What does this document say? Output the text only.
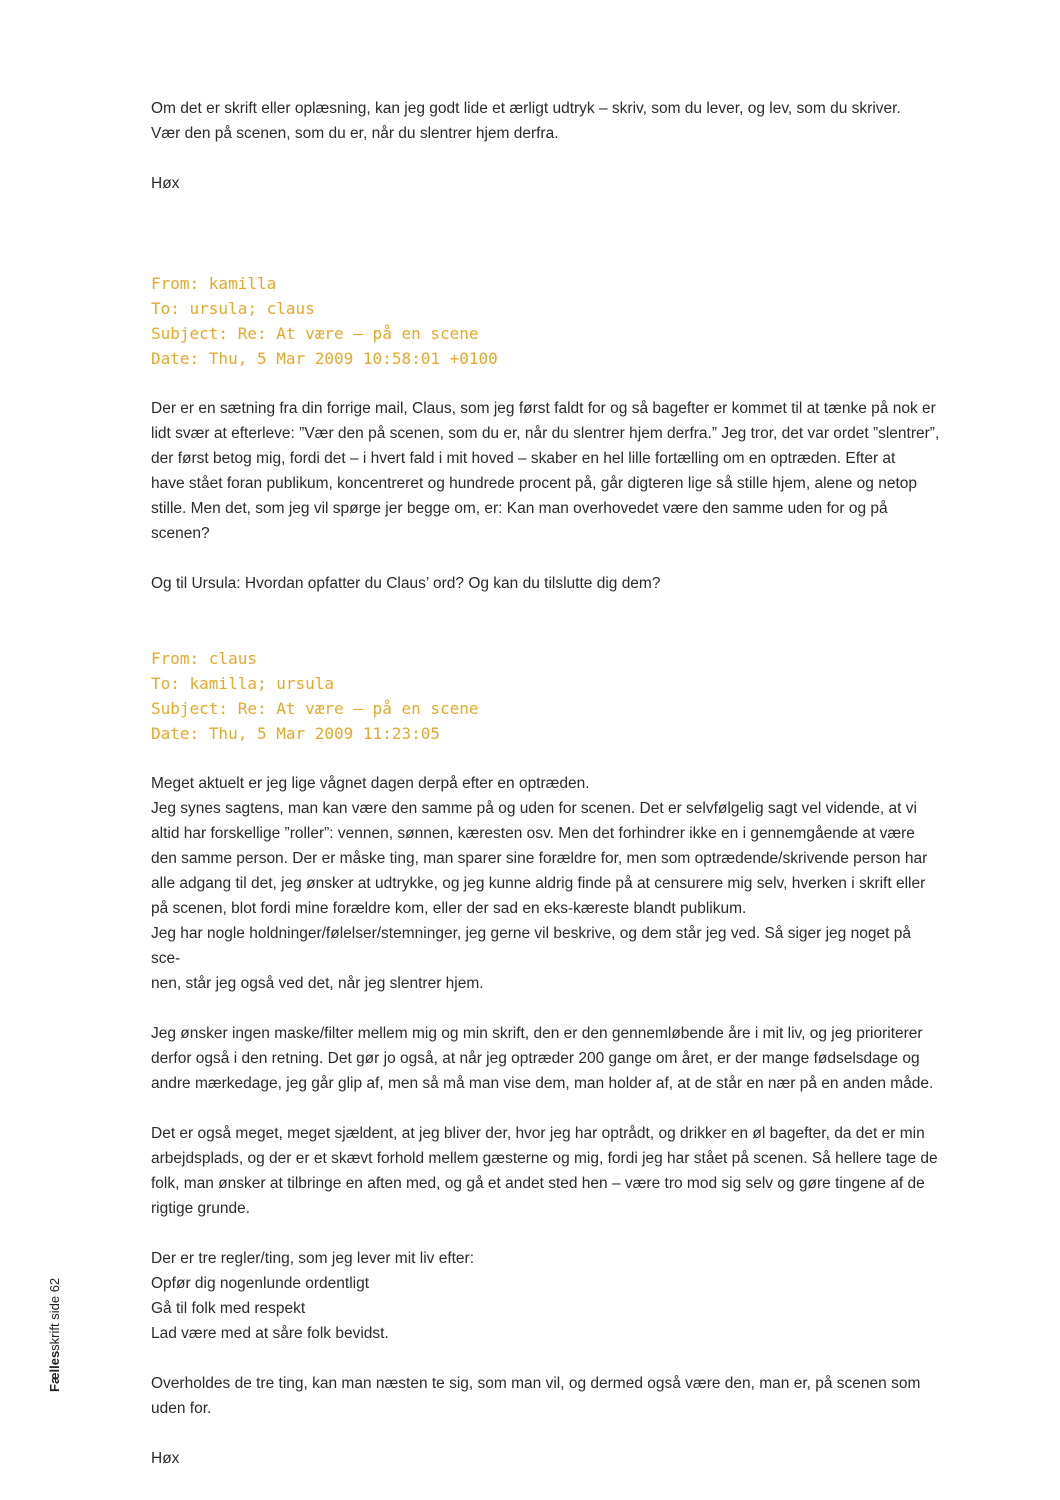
Om det er skrift eller oplæsning, kan jeg godt lide et ærligt udtryk – skriv, som du lever, og lev, som du skriver.

Vær den på scenen, som du er, når du slentrer hjem derfra.

Høx

From: kamilla

To: ursula; claus

Subject: Re: At være – på en scene

Date: Thu, 5 Mar 2009 10:58:01 +0100

Der er en sætning fra din forrige mail, Claus, som jeg først faldt for og så bagefter er kommet til at tænke på nok er

lidt svær at efterleve: ”Vær den på scenen, som du er, når du slentrer hjem derfra.” Jeg tror, det var ordet ”slentrer”,

der først betog mig, fordi det – i hvert fald i mit hoved – skaber en hel lille fortælling om en optræden. Efter at

have stået foran publikum, koncentreret og hundrede procent på, går digteren lige så stille hjem, alene og netop

stille. Men det, som jeg vil spørge jer begge om, er: Kan man overhovedet være den samme uden for og på scenen?

Og til Ursula: Hvordan opfatter du Claus’ ord? Og kan du tilslutte dig dem?

From: claus

To: kamilla; ursula

Subject: Re: At være – på en scene

Date: Thu, 5 Mar 2009 11:23:05

Meget aktuelt er jeg lige vågnet dagen derpå efter en optræden.

Jeg synes sagtens, man kan være den samme på og uden for scenen. Det er selvfølgelig sagt vel vidende, at vi

altid har forskellige ”roller”: vennen, sønnen, kæresten osv. Men det forhindrer ikke en i gennemgående at være

den samme person. Der er måske ting, man sparer sine forældre for, men som optrædende/skrivende person har

alle adgang til det, jeg ønsker at udtrykke, og jeg kunne aldrig finde på at censurere mig selv, hverken i skrift eller

på scenen, blot fordi mine forældre kom, eller der sad en eks-kæreste blandt publikum.

Jeg har nogle holdninger/følelser/stemninger, jeg gerne vil beskrive, og dem står jeg ved. Så siger jeg noget på sce-

nen, står jeg også ved det, når jeg slentrer hjem.

Jeg ønsker ingen maske/filter mellem mig og min skrift, den er den gennemløbende åre i mit liv, og jeg prioriterer

derfor også i den retning. Det gør jo også, at når jeg optræder 200 gange om året, er der mange fødselsdage og

andre mærkedage, jeg går glip af, men så må man vise dem, man holder af, at de står en nær på en anden måde.

Det er også meget, meget sjældent, at jeg bliver der, hvor jeg har optrådt, og drikker en øl bagefter, da det er min

arbejdsplads, og der er et skævt forhold mellem gæsterne og mig, fordi jeg har stået på scenen. Så hellere tage de

folk, man ønsker at tilbringe en aften med, og gå et andet sted hen – være tro mod sig selv og gøre tingene af de

rigtige grunde.

Der er tre regler/ting, som jeg lever mit liv efter:

Opfør dig nogenlunde ordentligt

Gå til folk med respekt

Lad være med at såre folk bevidst.

Overholdes de tre ting, kan man næsten te sig, som man vil, og dermed også være den, man er, på scenen som

uden for.

Høx

Fællesskrift side 62
